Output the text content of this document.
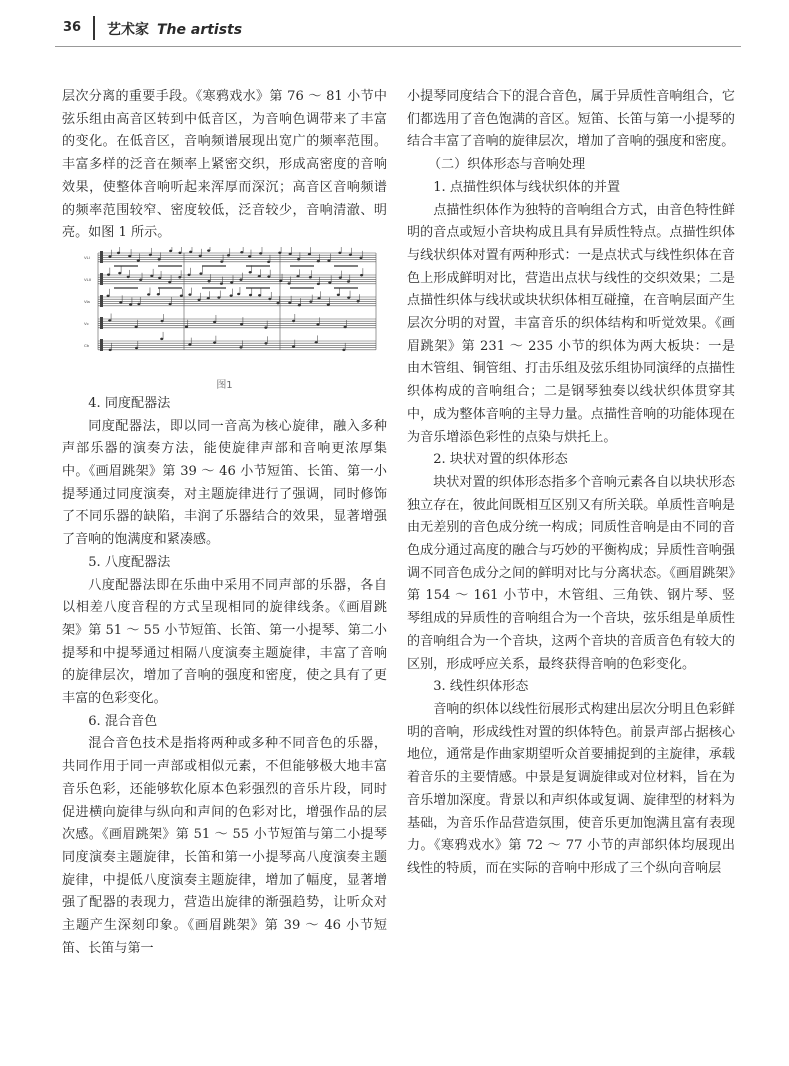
36 艺术家 The artists

层次分离的重要手段。《寒鸦戏水》第 76 ～ 81 小节中弦乐组由高音区转到中低音区，为音响色调带来了丰富的变化。在低音区，音响频谱展现出宽广的频率范围。丰富多样的泛音在频率上紧密交织，形成高密度的音响效果，使整体音响听起来浑厚而深沉；高音区音响频谱的频率范围较窄、密度较低，泛音较少，音响清澈、明亮。如图 1 所示。

VLI
VLII
Vla
Vc
Cb
图1

4. 同度配器法

同度配器法，即以同一音高为核心旋律，融入多种声部乐器的演奏方法，能使旋律声部和音响更浓厚集中。《画眉跳架》第 39 ～ 46 小节短笛、长笛、第一小提琴通过同度演奏，对主题旋律进行了强调，同时修饰了不同乐器的缺陷，丰润了乐器结合的效果，显著增强了音响的饱满度和紧凑感。

5. 八度配器法

八度配器法即在乐曲中采用不同声部的乐器，各自以相差八度音程的方式呈现相同的旋律线条。《画眉跳架》第 51 ～ 55 小节短笛、长笛、第一小提琴、第二小提琴和中提琴通过相隔八度演奏主题旋律，丰富了音响的旋律层次，增加了音响的强度和密度，使之具有了更丰富的色彩变化。

6. 混合音色

混合音色技术是指将两种或多种不同音色的乐器，共同作用于同一声部或相似元素，不但能够极大地丰富音乐色彩，还能够软化原本色彩强烈的音乐片段，同时促进横向旋律与纵向和声间的色彩对比，增强作品的层次感。《画眉跳架》第 51 ～ 55 小节短笛与第二小提琴同度演奏主题旋律，长笛和第一小提琴高八度演奏主题旋律，中提低八度演奏主题旋律，增加了幅度，显著增强了配器的表现力，营造出旋律的渐强趋势，让听众对主题产生深刻印象。《画眉跳架》第 39 ～ 46 小节短笛、长笛与第一

小提琴同度结合下的混合音色，属于异质性音响组合，它们都选用了音色饱满的音区。短笛、长笛与第一小提琴的结合丰富了音响的旋律层次，增加了音响的强度和密度。

（二）织体形态与音响处理

1. 点描性织体与线状织体的并置

点描性织体作为独特的音响组合方式，由音色特性鲜明的音点或短小音块构成且具有异质性特点。点描性织体与线状织体对置有两种形式：一是点状式与线性织体在音色上形成鲜明对比，营造出点状与线性的交织效果；二是点描性织体与线状或块状织体相互碰撞，在音响层面产生层次分明的对置，丰富音乐的织体结构和听觉效果。《画眉跳架》第 231 ～ 235 小节的织体为两大板块：一是由木管组、铜管组、打击乐组及弦乐组协同演绎的点描性织体构成的音响组合；二是钢琴独奏以线状织体贯穿其中，成为整体音响的主导力量。点描性音响的功能体现在为音乐增添色彩性的点染与烘托上。

2. 块状对置的织体形态

块状对置的织体形态指多个音响元素各自以块状形态独立存在，彼此间既相互区别又有所关联。单质性音响是由无差别的音色成分统一构成；同质性音响是由不同的音色成分通过高度的融合与巧妙的平衡构成；异质性音响强调不同音色成分之间的鲜明对比与分离状态。《画眉跳架》第 154 ～ 161 小节中，木管组、三角铁、钢片琴、竖琴组成的异质性的音响组合为一个音块，弦乐组是单质性的音响组合为一个音块，这两个音块的音质音色有较大的区别，形成呼应关系，最终获得音响的色彩变化。

3. 线性织体形态

音响的织体以线性衍展形式构建出层次分明且色彩鲜明的音响，形成线性对置的织体特色。前景声部占据核心地位，通常是作曲家期望听众首要捕捉到的主旋律，承载着音乐的主要情感。中景是复调旋律或对位材料，旨在为音乐增加深度。背景以和声织体或复调、旋律型的材料为基础，为音乐作品营造氛围，使音乐更加饱满且富有表现力。《寒鸦戏水》第 72 ～ 77 小节的声部织体均展现出线性的特质，而在实际的音响中形成了三个纵向音响层
